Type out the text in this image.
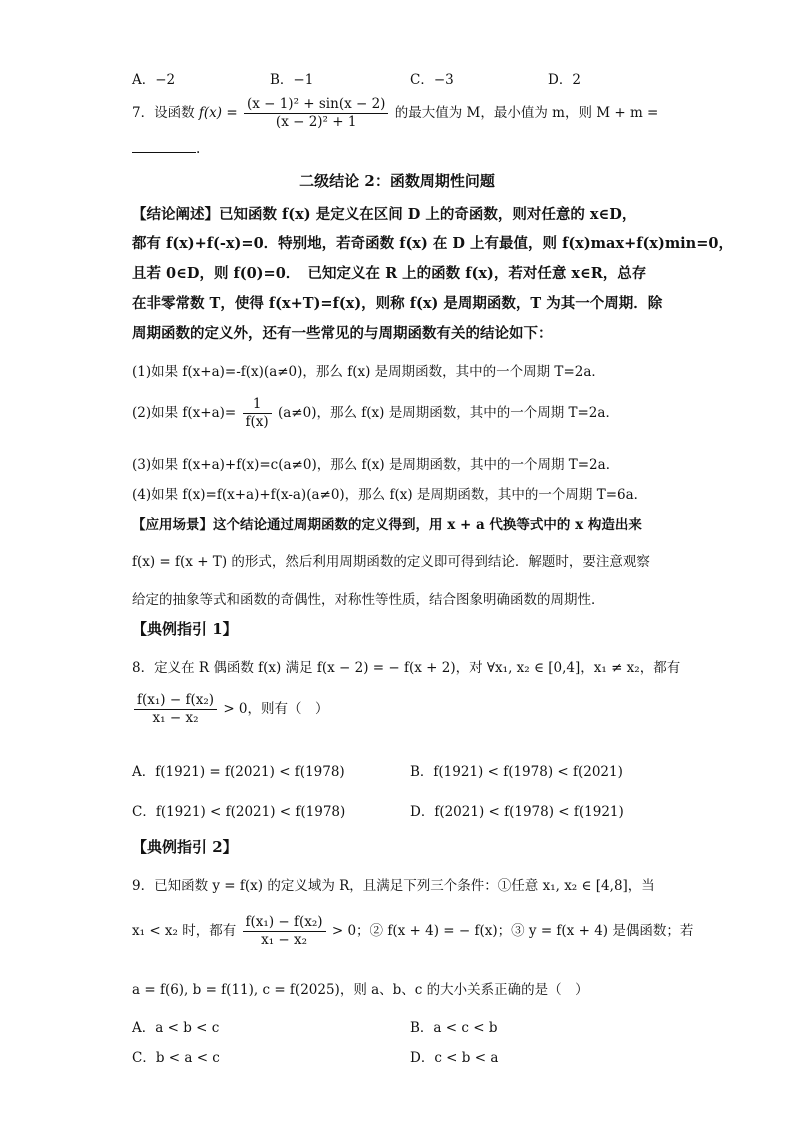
A．−2	B．−1	C．−3	D．2
7．设函数 $f(x) = \frac{\text{(x − 1)² + sin(x − 2)}}{\text{(x − 2)² + 1}}$ 的最大值为 M，最小值为 m，则 M + m =
.
二级结论 2：函数周期性问题
【结论阐述】已知函数 f(x) 是定义在区间 D 上的奇函数，则对任意的 x∈D，
都有 f(x)+f(-x)=0．特别地，若奇函数 f(x) 在 D 上有最值，则 f(x)max+f(x)min=0，
且若 0∈D，则 f(0)=0．　已知定义在 R 上的函数 f(x)，若对任意 x∈R，总存
在非零常数 T，使得 f(x+T)=f(x)，则称 f(x) 是周期函数，T 为其一个周期．除
周期函数的定义外，还有一些常见的与周期函数有关的结论如下：
(1)如果 f(x+a)=-f(x)(a≠0)，那么 f(x) 是周期函数，其中的一个周期 T=2a．
(2)如果 $f(x+a)= \frac{1}{f(x)} (a\ne 0)$，那么 f(x) 是周期函数，其中的一个周期 T=2a．
(3)如果 f(x+a)+f(x)=c(a≠0)，那么 f(x) 是周期函数，其中的一个周期 T=2a．
(4)如果 f(x)=f(x+a)+f(x-a)(a≠0)，那么 f(x) 是周期函数，其中的一个周期 T=6a．
【应用场景】这个结论通过周期函数的定义得到，用 x + a 代换等式中的 x 构造出来
f(x) = f(x + T) 的形式，然后利用周期函数的定义即可得到结论．解题时，要注意观察
给定的抽象等式和函数的奇偶性，对称性等性质，结合图象明确函数的周期性．
【典例指引 1】
8．定义在 R 偶函数 f(x) 满足 f(x − 2) = − f(x + 2)，对 ∀x₁, x₂ ∈ [0,4]，x₁ ≠ x₂，都有
$\frac{\text{f(x₁) − f(x₂)}}{\text{x₁ − x₂}} > 0$，则有（　）
A．f(1921) = f(2021) < f(1978)	B．f(1921) < f(1978) < f(2021)
C．f(1921) < f(2021) < f(1978)	D．f(2021) < f(1978) < f(1921)
【典例指引 2】
9．已知函数 y = f(x) 的定义域为 R，且满足下列三个条件：①任意 x₁, x₂ ∈ [4,8]，当
x₁ < x₂ 时，都有 $\frac{\text{f(x₁) − f(x₂)}}{\text{x₁ − x₂}} > 0$；② f(x + 4) = − f(x)；③ y = f(x + 4) 是偶函数；若
a = f(6), b = f(11), c = f(2025)，则 a、b、c 的大小关系正确的是（　）
A．a < b < c	B．a < c < b
C．b < a < c	D．c < b < a
